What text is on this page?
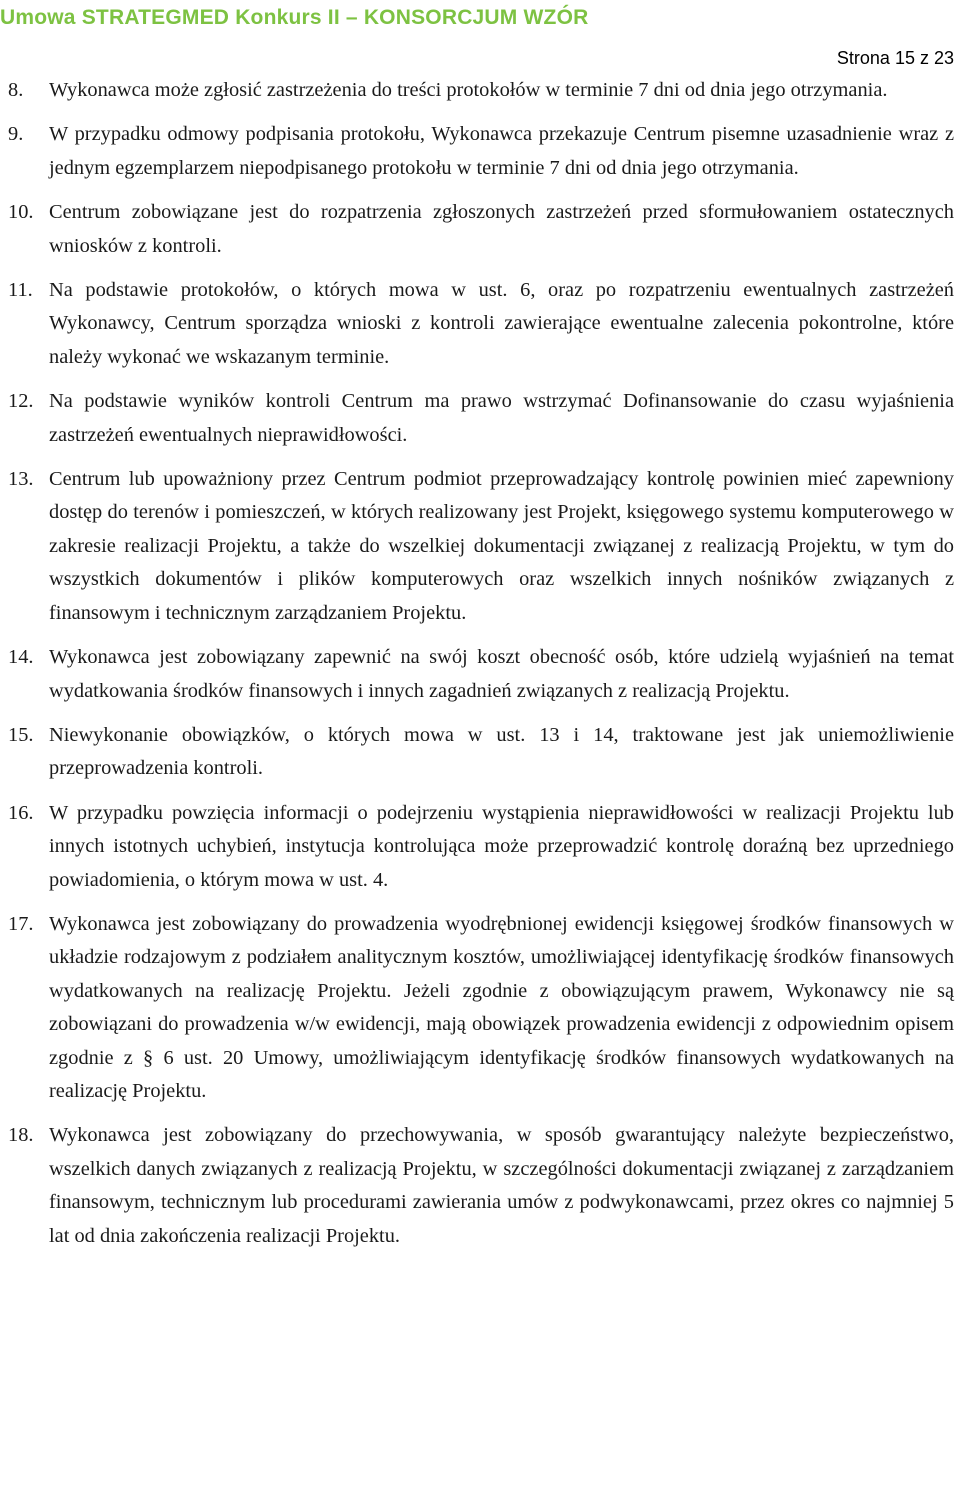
Umowa STRATEGMED Konkurs II – KONSORCJUM WZÓR
Strona 15 z 23
8.	Wykonawca może zgłosić zastrzeżenia do treści protokołów w terminie 7 dni od dnia jego otrzymania.
9.	W przypadku odmowy podpisania protokołu, Wykonawca przekazuje Centrum pisemne uzasadnienie wraz z jednym egzemplarzem niepodpisanego protokołu w terminie 7 dni od dnia jego otrzymania.
10. Centrum zobowiązane jest do rozpatrzenia zgłoszonych zastrzeżeń przed sformułowaniem ostatecznych wniosków z kontroli.
11. Na podstawie protokołów, o których mowa w ust. 6, oraz po rozpatrzeniu ewentualnych zastrzeżeń Wykonawcy, Centrum sporządza wnioski z kontroli zawierające ewentualne zalecenia pokontrolne, które należy wykonać we wskazanym terminie.
12. Na podstawie wyników kontroli Centrum ma prawo wstrzymać Dofinansowanie do czasu wyjaśnienia zastrzeżeń ewentualnych nieprawidłowości.
13. Centrum lub upoważniony przez Centrum podmiot przeprowadzający kontrolę powinien mieć zapewniony dostęp do terenów i pomieszczeń, w których realizowany jest Projekt, księgowego systemu komputerowego w zakresie realizacji Projektu, a także do wszelkiej dokumentacji związanej z realizacją Projektu, w tym do wszystkich dokumentów i plików komputerowych oraz wszelkich innych nośników związanych z finansowym i technicznym zarządzaniem Projektu.
14. Wykonawca jest zobowiązany zapewnić na swój koszt obecność osób, które udzielą wyjaśnień na temat wydatkowania środków finansowych i innych zagadnień związanych z realizacją Projektu.
15. Niewykonanie obowiązków, o których mowa w ust. 13 i 14, traktowane jest jak uniemożliwienie przeprowadzenia kontroli.
16. W przypadku powzięcia informacji o podejrzeniu wystąpienia nieprawidłowości w realizacji Projektu lub innych istotnych uchybień, instytucja kontrolująca może przeprowadzić kontrolę doraźną bez uprzedniego powiadomienia, o którym mowa w ust. 4.
17. Wykonawca jest zobowiązany do prowadzenia wyodrębnionej ewidencji księgowej środków finansowych w układzie rodzajowym z podziałem analitycznym kosztów, umożliwiającej identyfikację środków finansowych wydatkowanych na realizację Projektu. Jeżeli zgodnie z obowiązującym prawem, Wykonawcy nie są zobowiązani do prowadzenia w/w ewidencji, mają obowiązek prowadzenia ewidencji z odpowiednim opisem zgodnie z § 6 ust. 20 Umowy, umożliwiającym identyfikację środków finansowych wydatkowanych na realizację Projektu.
18. Wykonawca jest zobowiązany do przechowywania, w sposób gwarantujący należyte bezpieczeństwo, wszelkich danych związanych z realizacją Projektu, w szczególności dokumentacji związanej z zarządzaniem finansowym, technicznym lub procedurami zawierania umów z podwykonawcami, przez okres co najmniej 5 lat od dnia zakończenia realizacji Projektu.
